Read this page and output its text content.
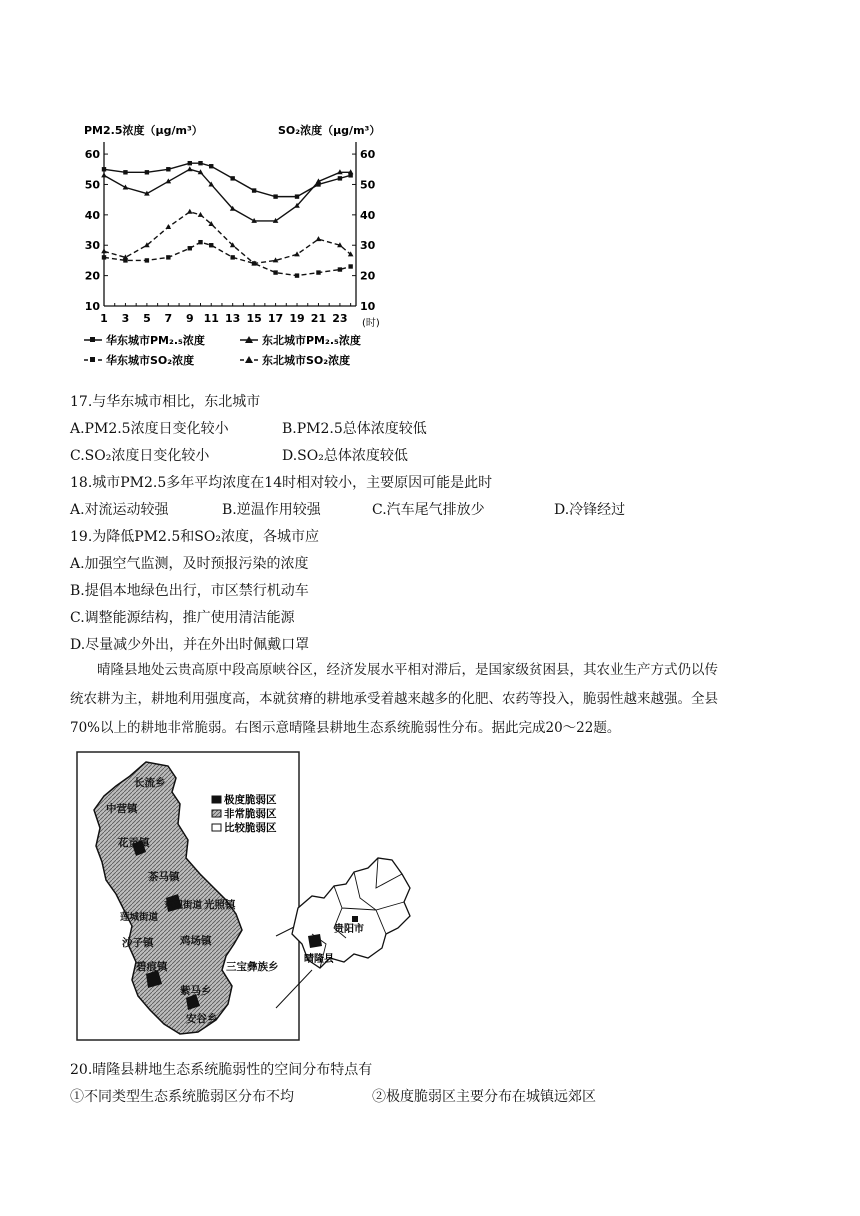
PM2.5浓度（μg/m³）	SO₂浓度（μg/m³）
(时)
10	10
20	20
30	30
40	40
50	50
60	60
1 3 5 7 9 11 13 15 17 19 21 23
华东城市PM₂.₅浓度	东北城市PM₂.₅浓度
华东城市SO₂浓度	东北城市SO₂浓度
17.与华东城市相比，东北城市
A.PM2.5浓度日变化较小	B.PM2.5总体浓度较低
C.SO₂浓度日变化较小	D.SO₂总体浓度较低
18.城市PM2.5多年平均浓度在14时相对较小，主要原因可能是此时
A.对流运动较强	B.逆温作用较强	C.汽车尾气排放少	D.冷锋经过
19.为降低PM2.5和SO₂浓度，各城市应
A.加强空气监测，及时预报污染的浓度
B.提倡本地绿色出行，市区禁行机动车
C.调整能源结构，推广使用清洁能源
D.尽量减少外出，并在外出时佩戴口罩
晴隆县地处云贵高原中段高原峡谷区，经济发展水平相对滞后，是国家级贫困县，其农业生产方式仍以传
统农耕为主，耕地利用强度高，本就贫瘠的耕地承受着越来越多的化肥、农药等投入，脆弱性越来越强。全县
70%以上的耕地非常脆弱。右图示意晴隆县耕地生态系统脆弱性分布。据此完成20～22题。
长流乡
中营镇
花贡镇
茶马镇
东观街道 光照镇
莲城街道
沙子镇	鸡场镇
碧痕镇	三宝彝族乡
紫马乡
安谷乡
极度脆弱区
非常脆弱区
比较脆弱区
贵阳市
晴隆县
20.晴隆县耕地生态系统脆弱性的空间分布特点有
①不同类型生态系统脆弱区分布不均	②极度脆弱区主要分布在城镇远郊区
